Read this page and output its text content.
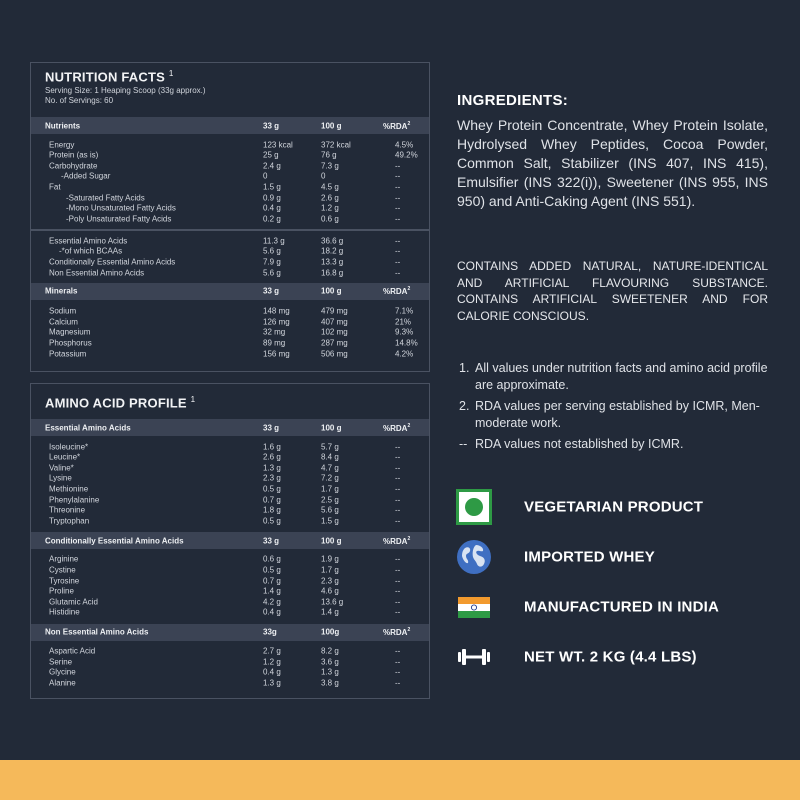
NUTRITION FACTS $^1$
Serving Size: 1 Heaping Scoop (33g approx.)
No. of Servings: 60
Nutrients	33 g	100 g	%RDA$^2$
Energy	123 kcal	372 kcal	4.5%
Protein (as is)	25 g	76 g	49.2%
Carbohydrate	2.4 g	7.3 g	--
-Added Sugar	0	0	--
Fat	1.5 g	4.5 g	--
-Saturated Fatty Acids	0.9 g	2.6 g	--
-Mono Unsaturated Fatty Acids	0.4 g	1.2 g	--
-Poly Unsaturated Fatty Acids	0.2 g	0.6 g	--
Essential Amino Acids	11.3 g	36.6 g	--
-*of which BCAAs	5.6 g	18.2 g	--
Conditionally Essential Amino Acids	7.9 g	13.3 g	--
Non Essential Amino Acids	5.6 g	16.8 g	--
Minerals	33 g	100 g	%RDA$^2$
Sodium	148 mg	479 mg	7.1%
Calcium	126 mg	407 mg	21%
Magnesium	32 mg	102 mg	9.3%
Phosphorus	89 mg	287 mg	14.8%
Potassium	156 mg	506 mg	4.2%
AMINO ACID PROFILE $^1$
Essential Amino Acids	33 g	100 g	%RDA$^2$
Isoleucine*	1.6 g	5.7 g	--
Leucine*	2.6 g	8.4 g	--
Valine*	1.3 g	4.7 g	--
Lysine	2.3 g	7.2 g	--
Methionine	0.5 g	1.7 g	--
Phenylalanine	0.7 g	2.5 g	--
Threonine	1.8 g	5.6 g	--
Tryptophan	0.5 g	1.5 g	--
Conditionally Essential Amino Acids	33 g	100 g	%RDA$^2$
Arginine	0.6 g	1.9 g	--
Cystine	0.5 g	1.7 g	--
Tyrosine	0.7 g	2.3 g	--
Proline	1.4 g	4.6 g	--
Glutamic Acid	4.2 g	13.6 g	--
Histidine	0.4 g	1.4 g	--
Non Essential Amino Acids	33g	100g	%RDA$^2$
Aspartic Acid	2.7 g	8.2 g	--
Serine	1.2 g	3.6 g	--
Glycine	0.4 g	1.3 g	--
Alanine	1.3 g	3.8 g	--
INGREDIENTS:
Whey Protein Concentrate, Whey Protein Isolate, Hydrolysed Whey Peptides, Cocoa Powder, Common Salt, Stabilizer (INS 407, INS 415), Emulsifier (INS 322(i)), Sweetener (INS 955, INS 950) and Anti-Caking Agent (INS 551).
CONTAINS ADDED NATURAL, NATURE-IDENTICAL AND ARTIFICIAL FLAVOURING SUBSTANCE. CONTAINS ARTIFICIAL SWEETENER AND FOR CALORIE CONSCIOUS.
1. All values under nutrition facts and amino acid profile are approximate.
2. RDA values per serving established by ICMR, Men-moderate work.
-- RDA values not established by ICMR.
VEGETARIAN PRODUCT
IMPORTED WHEY
MANUFACTURED IN INDIA
NET WT. 2 KG (4.4 LBS)
